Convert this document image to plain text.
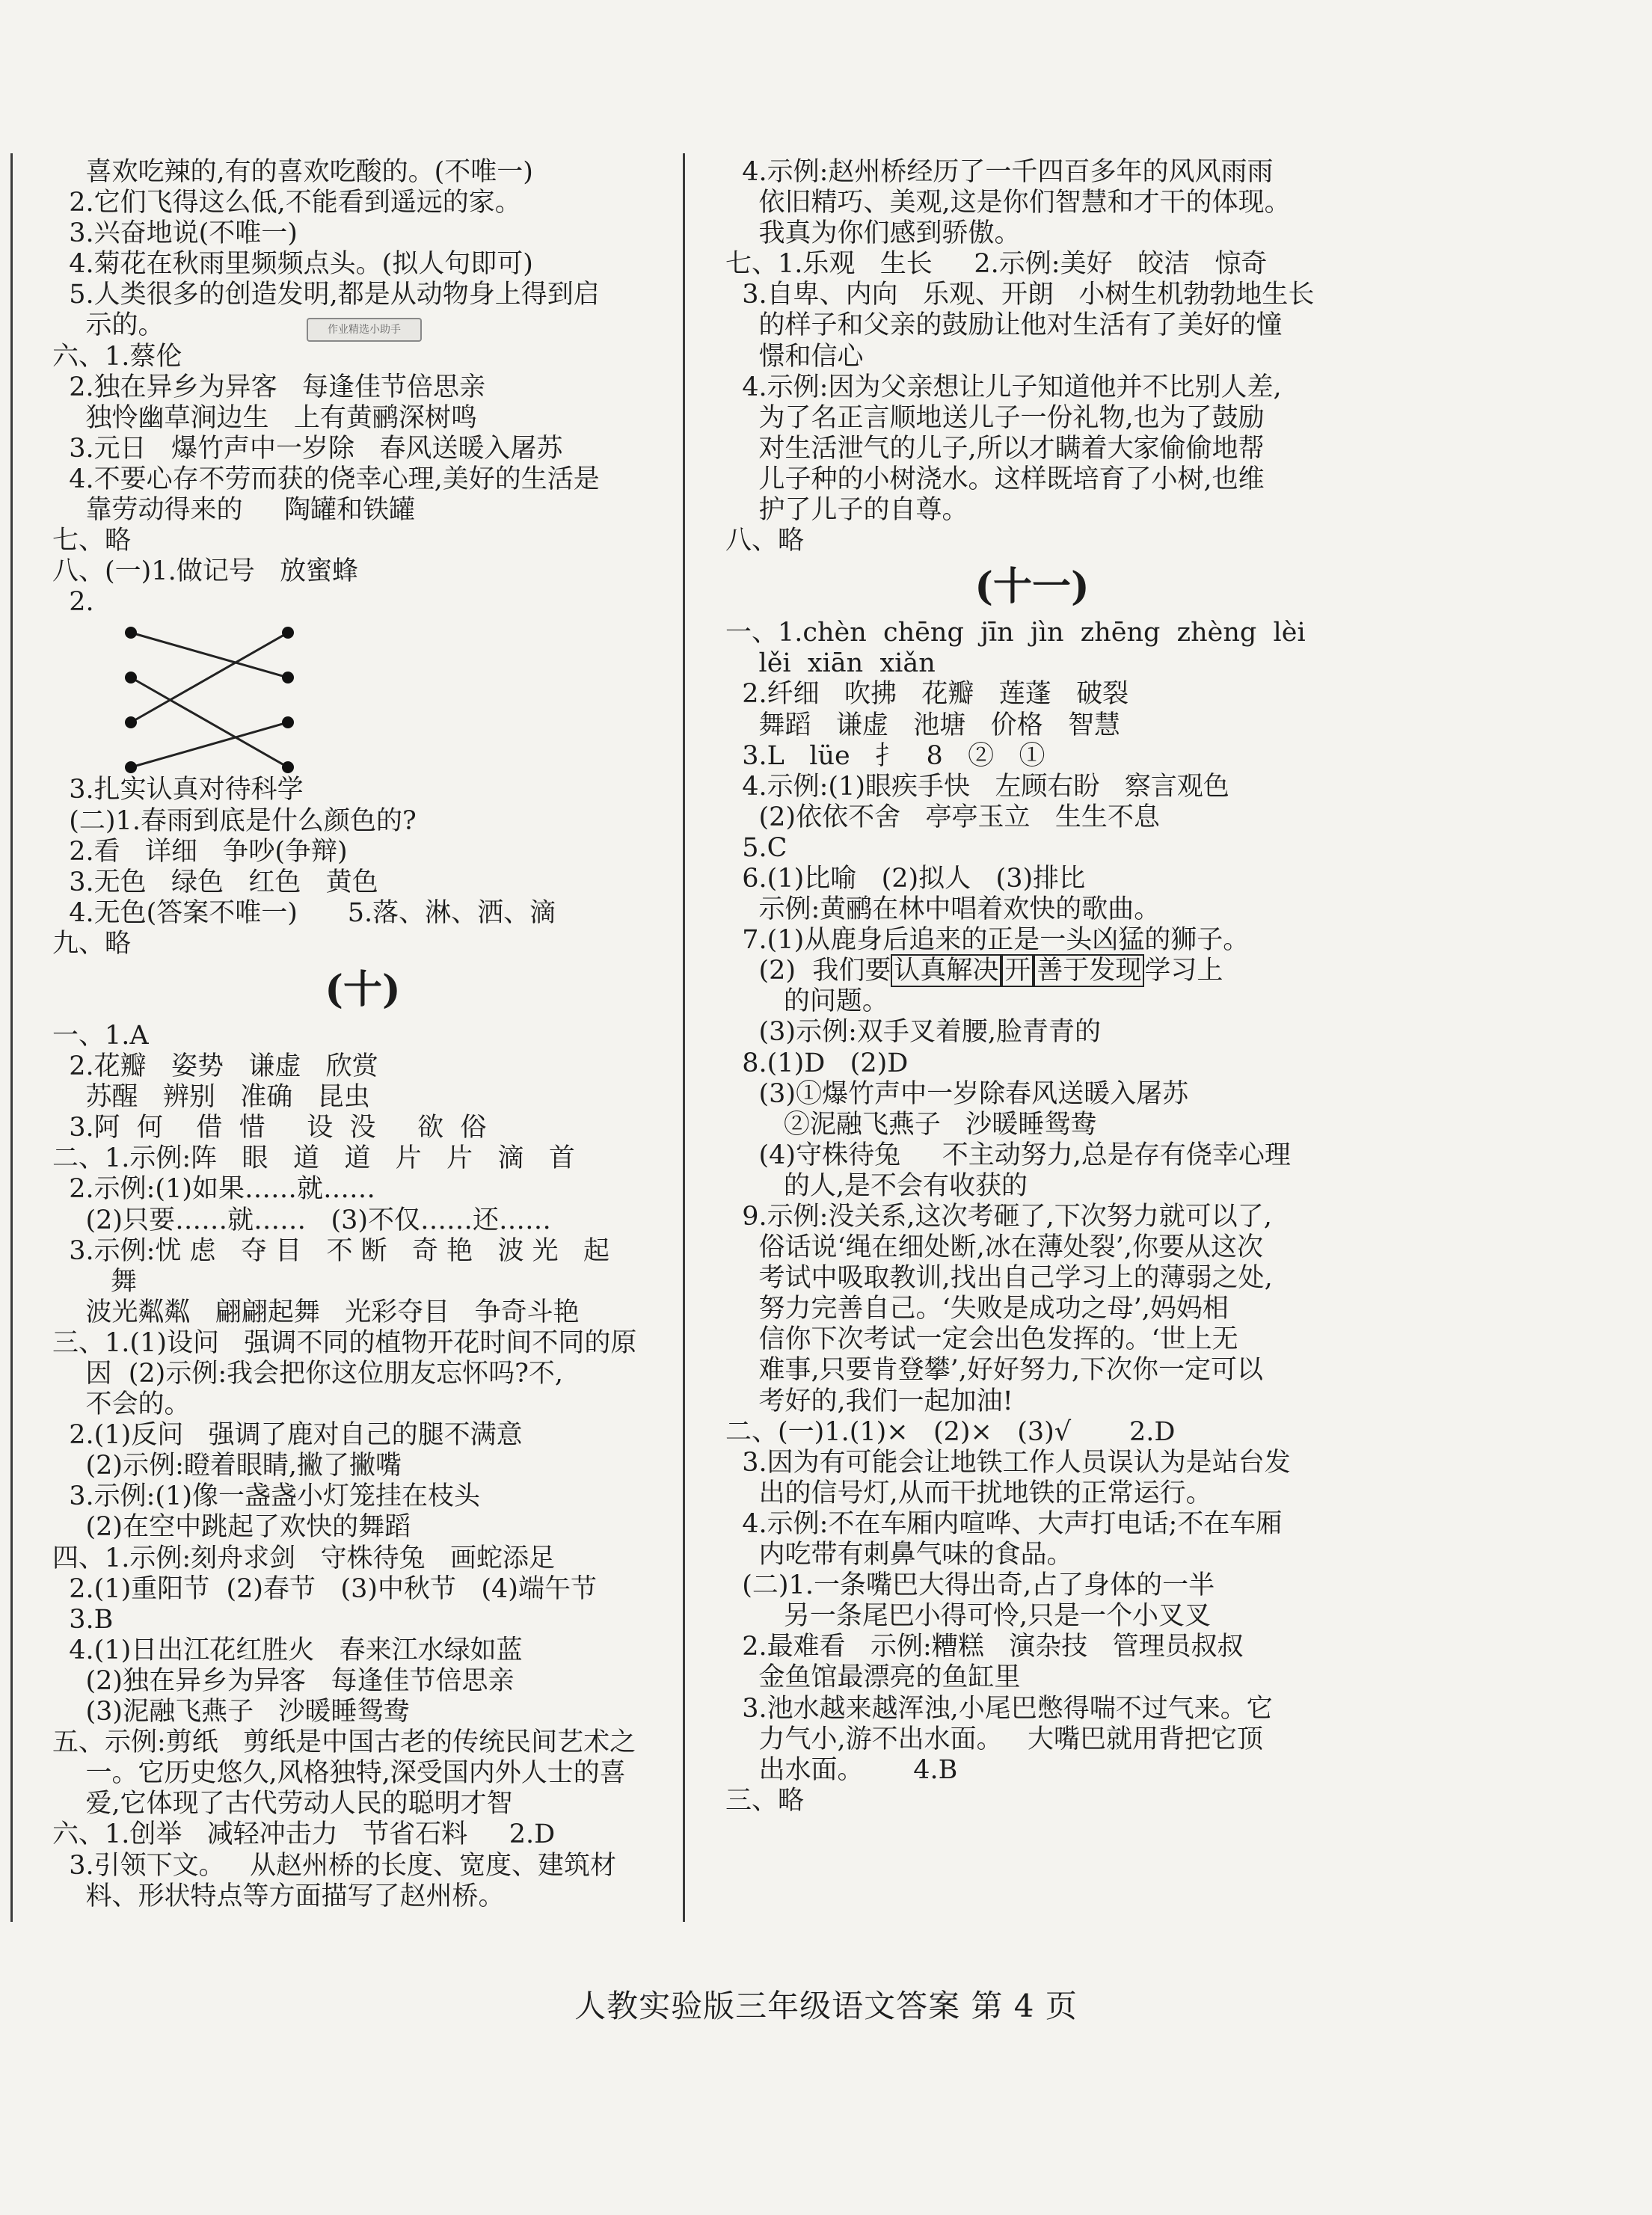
作业精选小助手
喜欢吃辣的,有的喜欢吃酸的。(不唯一)
2.它们飞得这么低,不能看到遥远的家。
3.兴奋地说(不唯一)
4.菊花在秋雨里频频点头。(拟人句即可)
5.人类很多的创造发明,都是从动物身上得到启
示的。
六、1.蔡伦
2.独在异乡为异客   每逢佳节倍思亲
独怜幽草涧边生   上有黄鹂深树鸣
3.元日   爆竹声中一岁除   春风送暖入屠苏
4.不要心存不劳而获的侥幸心理,美好的生活是
靠劳动得来的     陶罐和铁罐
七、略
八、(一)1.做记号   放蜜蜂
2.
3.扎实认真对待科学
(二)1.春雨到底是什么颜色的?
2.看   详细   争吵(争辩)
3.无色   绿色   红色   黄色
4.无色(答案不唯一)      5.落、淋、洒、滴
九、略
(十)
一、1.A
2.花瓣   姿势   谦虚   欣赏
苏醒   辨别   准确   昆虫
3.阿  何    借  惜     设  没     欲  俗
二、1.示例:阵   眼   道   道   片   片   滴   首
2.示例:(1)如果……就……
(2)只要……就……   (3)不仅……还……
3.示例:忧 虑   夺 目   不 断   奇 艳   波 光   起
舞
波光粼粼   翩翩起舞   光彩夺目   争奇斗艳
三、1.(1)设问   强调不同的植物开花时间不同的原
因  (2)示例:我会把你这位朋友忘怀吗?不,
不会的。
2.(1)反问   强调了鹿对自己的腿不满意
(2)示例:瞪着眼睛,撇了撇嘴
3.示例:(1)像一盏盏小灯笼挂在枝头
(2)在空中跳起了欢快的舞蹈
四、1.示例:刻舟求剑   守株待兔   画蛇添足
2.(1)重阳节  (2)春节   (3)中秋节   (4)端午节
3.B
4.(1)日出江花红胜火   春来江水绿如蓝
(2)独在异乡为异客   每逢佳节倍思亲
(3)泥融飞燕子   沙暖睡鸳鸯
五、示例:剪纸   剪纸是中国古老的传统民间艺术之
一。它历史悠久,风格独特,深受国内外人士的喜
爱,它体现了古代劳动人民的聪明才智
六、1.创举   减轻冲击力   节省石料     2.D
3.引领下文。   从赵州桥的长度、宽度、建筑材
料、形状特点等方面描写了赵州桥。
4.示例:赵州桥经历了一千四百多年的风风雨雨
依旧精巧、美观,这是你们智慧和才干的体现。
我真为你们感到骄傲。
七、1.乐观   生长     2.示例:美好   皎洁   惊奇
3.自卑、内向   乐观、开朗   小树生机勃勃地生长
的样子和父亲的鼓励让他对生活有了美好的憧
憬和信心
4.示例:因为父亲想让儿子知道他并不比别人差,
为了名正言顺地送儿子一份礼物,也为了鼓励
对生活泄气的儿子,所以才瞒着大家偷偷地帮
儿子种的小树浇水。这样既培育了小树,也维
护了儿子的自尊。
八、略
(十一)
一、1.chèn  chēng  jīn  jìn  zhēng  zhèng  lèi
lěi  xiān  xiǎn
2.纤细   吹拂   花瓣   莲蓬   破裂
舞蹈   谦虚   池塘   价格   智慧
3.L   lüe   扌   8   ②   ①
4.示例:(1)眼疾手快   左顾右盼   察言观色
(2)依依不舍   亭亭玉立   生生不息
5.C
6.(1)比喻   (2)拟人   (3)排比
示例:黄鹂在林中唱着欢快的歌曲。
7.(1)从鹿身后追来的正是一头凶猛的狮子。
(2)  我们要 认真解决 开 善于发现 学习上
的问题。
(3)示例:双手叉着腰,脸青青的
8.(1)D   (2)D
(3)①爆竹声中一岁除春风送暖入屠苏
②泥融飞燕子   沙暖睡鸳鸯
(4)守株待兔     不主动努力,总是存有侥幸心理
的人,是不会有收获的
9.示例:没关系,这次考砸了,下次努力就可以了,
俗话说‘绳在细处断,冰在薄处裂’,你要从这次
考试中吸取教训,找出自己学习上的薄弱之处,
努力完善自己。‘失败是成功之母’,妈妈相
信你下次考试一定会出色发挥的。‘世上无
难事,只要肯登攀’,好好努力,下次你一定可以
考好的,我们一起加油!
二、(一)1.(1)×   (2)×   (3)√       2.D
3.因为有可能会让地铁工作人员误认为是站台发
出的信号灯,从而干扰地铁的正常运行。
4.示例:不在车厢内喧哗、大声打电话;不在车厢
内吃带有刺鼻气味的食品。
(二)1.一条嘴巴大得出奇,占了身体的一半
另一条尾巴小得可怜,只是一个小叉叉
2.最难看   示例:糟糕   演杂技   管理员叔叔
金鱼馆最漂亮的鱼缸里
3.池水越来越浑浊,小尾巴憋得喘不过气来。它
力气小,游不出水面。   大嘴巴就用背把它顶
出水面。      4.B
三、略
人教实验版三年级语文答案 第 4 页
